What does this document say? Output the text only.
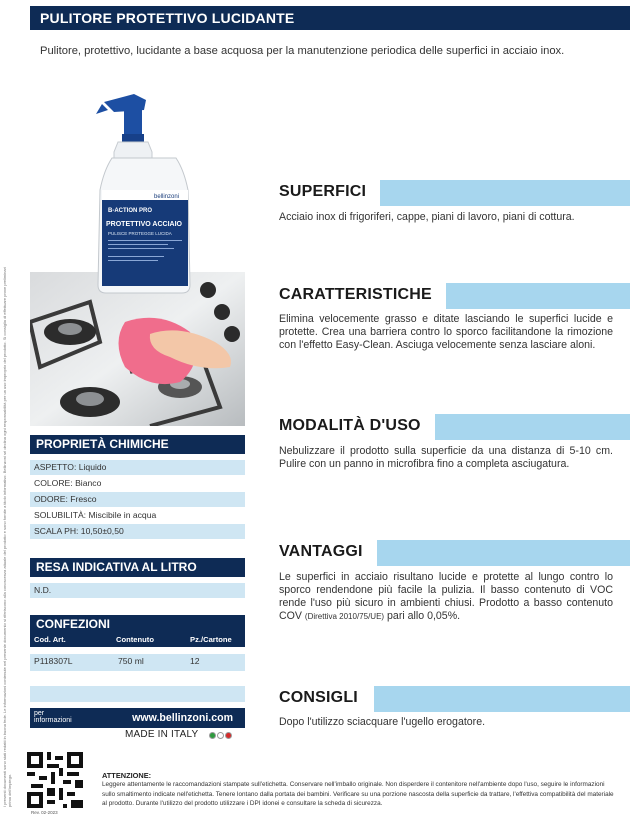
PULITORE PROTETTIVO LUCIDANTE
Pulitore, protettivo, lucidante a base acquosa per la manutenzione periodica delle superfici in acciaio inox.
I presenti documenti sono stati redatti in buona fede. Le informazioni contenute nel presente documento si riferiscono alla conoscenza attuale del prodotto e sono fornite a titolo informativo. Bellinzoni srl declina ogni responsabilità per un uso improprio del prodotto. Si consiglia di effettuare prove preliminari prima dell'impiego.
bellinzoni
B-ACTION PRO
PROTETTIVO ACCIAIO
PULISCE PROTEGGE LUCIDA
SUPERFICI
Acciaio inox di frigoriferi, cappe, piani di lavoro, piani di cottura.
CARATTERISTICHE
Elimina velocemente grasso e ditate lasciando le superfici lucide e protette. Crea una barriera contro lo sporco facilitandone la rimozione con l'effetto Easy-Clean. Asciuga velocemente senza lasciare aloni.
MODALITÀ D'USO
Nebulizzare il prodotto sulla superficie da una distanza di 5-10 cm. Pulire con un panno in microfibra fino a completa asciugatura.
VANTAGGI
Le superfici in acciaio risultano lucide e protette al lungo contro lo sporco rendendone più facile la pulizia. Il basso contenuto di VOC rende l'uso più sicuro in ambienti chiusi. Prodotto a basso contenuto COV (Direttiva 2010/75/UE) pari allo 0,05%.
CONSIGLI
Dopo l'utilizzo sciacquare l'ugello erogatore.
PROPRIETÀ CHIMICHE
ASPETTO: Liquido
COLORE: Bianco
ODORE: Fresco
SOLUBILITÀ: Miscibile in acqua
SCALA PH: 10,50±0,50
RESA INDICATIVA AL LITRO
N.D.
CONFEZIONI
Cod. Art.	Contenuto	Pz./Cartone
P118307L	750 ml	12
per
informazioni	www.bellinzoni.com
MADE IN ITALY
Rev. 02-2023
ATTENZIONE:
Leggere attentamente le raccomandazioni stampate sull'etichetta. Conservare nell'imballo originale. Non disperdere il contenitore nell'ambiente dopo l'uso, seguire le informazioni sullo smaltimento indicate nell'etichetta. Tenere lontano dalla portata dei bambini. Verificare su una porzione nascosta della superficie da trattare, l'effettiva compatibilità del materiale al prodotto. Durante l'utilizzo del prodotto utilizzare i DPI idonei e consultare la scheda di sicurezza.
